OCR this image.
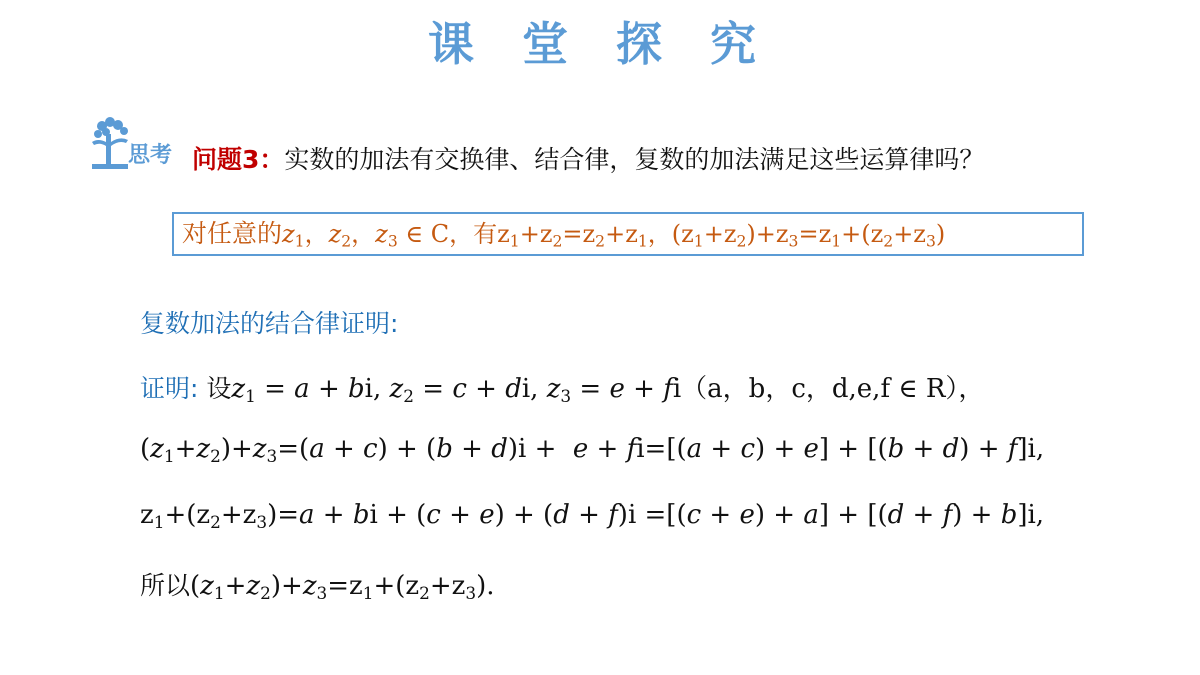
课 堂 探 究
思考 问题3：实数的加法有交换律、结合律，复数的加法满足这些运算律吗？
对任意的$z_1$，$z_2$，$z_3$ ∈ C，有$z_1+z_2=z_2+z_1$，$(z_1+z_2)+z_3=z_1+(z_2+z_3)$
复数加法的结合律证明:
证明: 设$z_1 = a$ + bi, $z_2 = c$ + di, $z_3 = e + fi(a$，b，c，d,e,f ∈ R），
$(z_1+z_2)+z_3=(a + c) + (b + d)i + e + fi=[(a + c) + e] + [(b + d) + f]i$,
$z_1+(z_2+z_3)=a$ + bi + (c + e) + (d + f)i =[(c + e) + a] + [(d + f) + b]i,
所以$(z_1+z_2)+z_3=z_1+(z_2+z_3)$.
